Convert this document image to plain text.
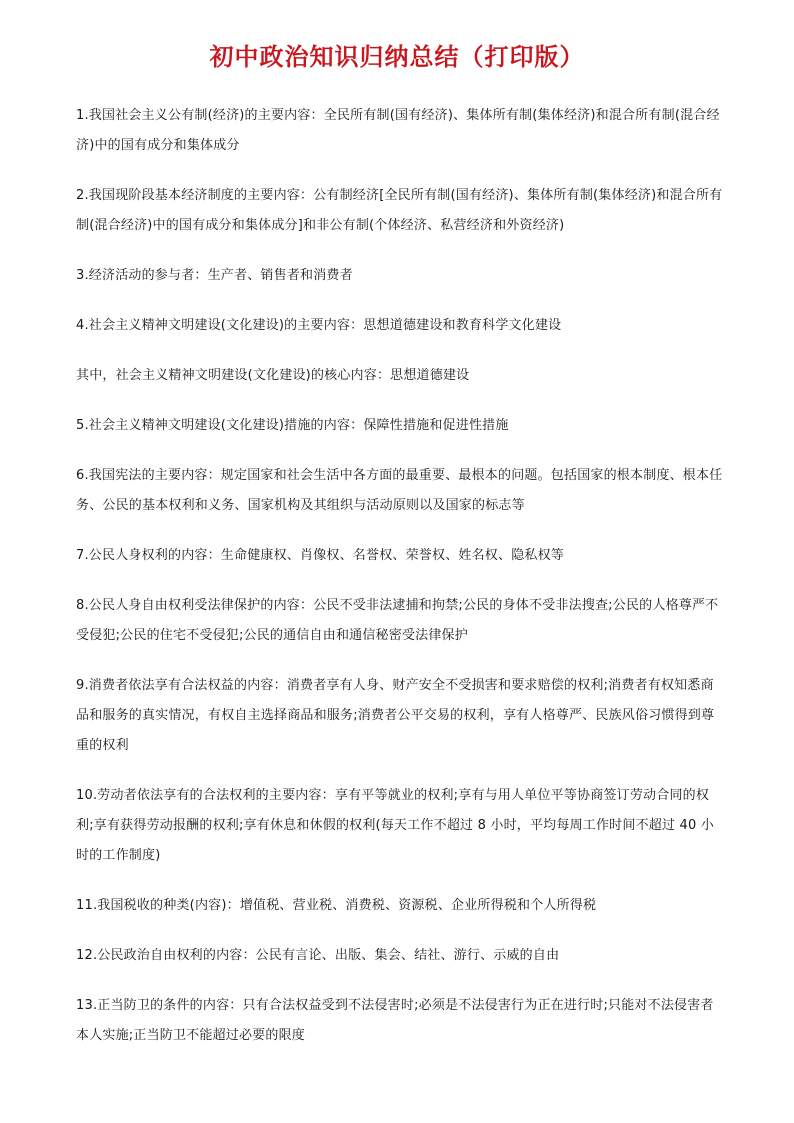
初中政治知识归纳总结（打印版）

1.我国社会主义公有制(经济)的主要内容：全民所有制(国有经济)、集体所有制(集体经济)和混合所有制(混合经济)中的国有成分和集体成分

2.我国现阶段基本经济制度的主要内容：公有制经济[全民所有制(国有经济)、集体所有制(集体经济)和混合所有制(混合经济)中的国有成分和集体成分]和非公有制(个体经济、私营经济和外资经济)

3.经济活动的参与者：生产者、销售者和消费者

4.社会主义精神文明建设(文化建设)的主要内容：思想道德建设和教育科学文化建设

其中，社会主义精神文明建设(文化建设)的核心内容：思想道德建设

5.社会主义精神文明建设(文化建设)措施的内容：保障性措施和促进性措施

6.我国宪法的主要内容：规定国家和社会生活中各方面的最重要、最根本的问题。包括国家的根本制度、根本任务、公民的基本权利和义务、国家机构及其组织与活动原则以及国家的标志等

7.公民人身权利的内容：生命健康权、肖像权、名誉权、荣誉权、姓名权、隐私权等

8.公民人身自由权利受法律保护的内容：公民不受非法逮捕和拘禁;公民的身体不受非法搜查;公民的人格尊严不受侵犯;公民的住宅不受侵犯;公民的通信自由和通信秘密受法律保护

9.消费者依法享有合法权益的内容：消费者享有人身、财产安全不受损害和要求赔偿的权利;消费者有权知悉商品和服务的真实情况，有权自主选择商品和服务;消费者公平交易的权利，享有人格尊严、民族风俗习惯得到尊重的权利

10.劳动者依法享有的合法权利的主要内容：享有平等就业的权利;享有与用人单位平等协商签订劳动合同的权利;享有获得劳动报酬的权利;享有休息和休假的权利(每天工作不超过 8 小时，平均每周工作时间不超过 40 小时的工作制度)

11.我国税收的种类(内容)：增值税、营业税、消费税、资源税、企业所得税和个人所得税

12.公民政治自由权利的内容：公民有言论、出版、集会、结社、游行、示威的自由

13.正当防卫的条件的内容：只有合法权益受到不法侵害时;必须是不法侵害行为正在进行时;只能对不法侵害者本人实施;正当防卫不能超过必要的限度
